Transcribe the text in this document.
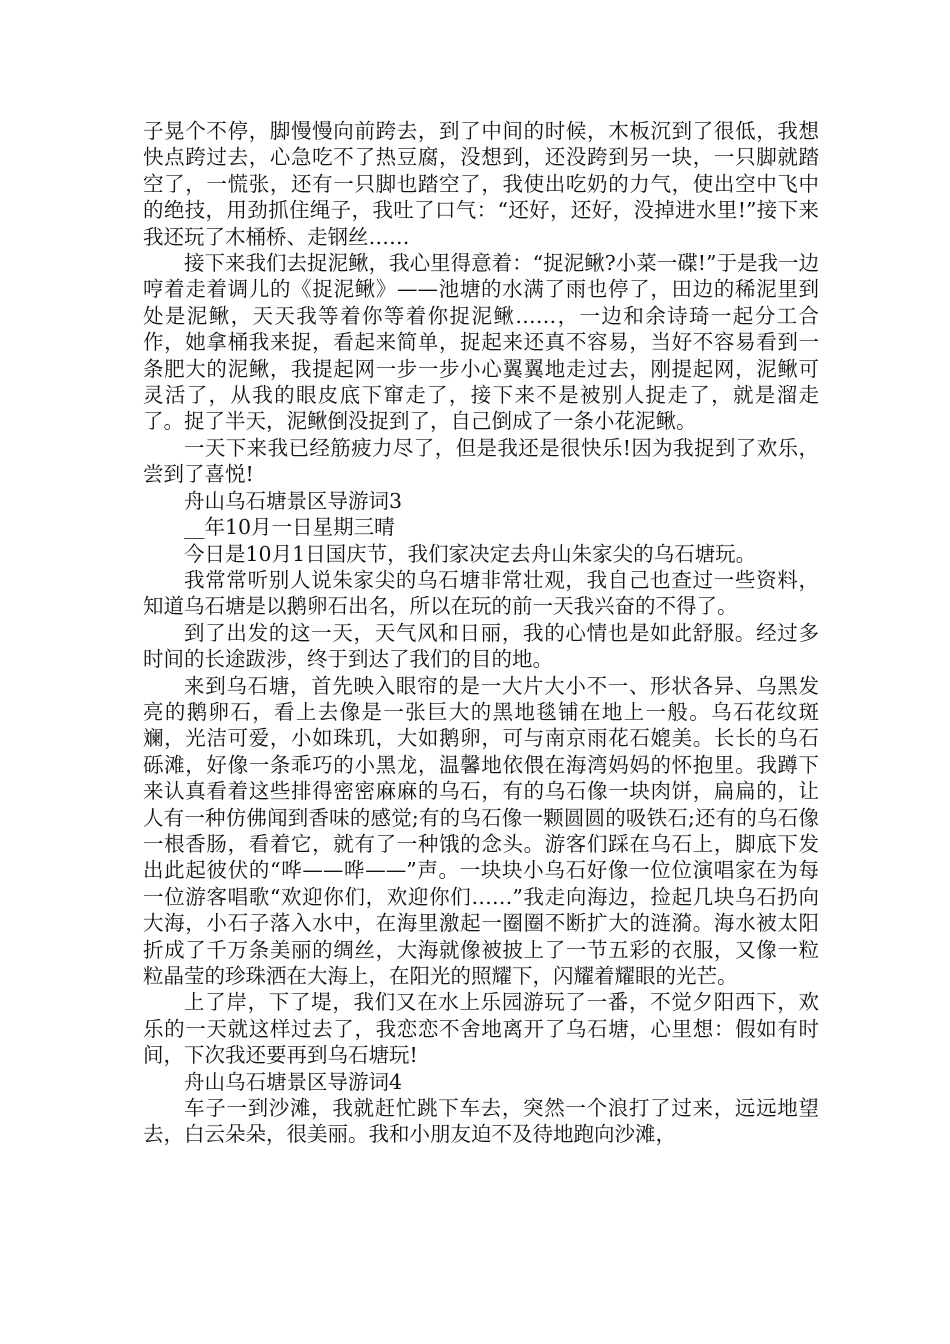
子晃个不停，脚慢慢向前跨去，到了中间的时候，木板沉到了很低，我想快点跨过去，心急吃不了热豆腐，没想到，还没跨到另一块，一只脚就踏空了，一慌张，还有一只脚也踏空了，我使出吃奶的力气，使出空中飞中的绝技，用劲抓住绳子，我吐了口气：“还好，还好，没掉进水里!”接下来我还玩了木桶桥、走钢丝……

接下来我们去捉泥鳅，我心里得意着：“捉泥鳅?小菜一碟!”于是我一边哼着走着调儿的《捉泥鳅》——池塘的水满了雨也停了，田边的稀泥里到处是泥鳅，天天我等着你等着你捉泥鳅……，一边和余诗琦一起分工合作，她拿桶我来捉，看起来简单，捉起来还真不容易，当好不容易看到一条肥大的泥鳅，我提起网一步一步小心翼翼地走过去，刚提起网，泥鳅可灵活了，从我的眼皮底下窜走了，接下来不是被别人捉走了，就是溜走了。捉了半天，泥鳅倒没捉到了，自己倒成了一条小花泥鳅。

一天下来我已经筋疲力尽了，但是我还是很快乐!因为我捉到了欢乐，尝到了喜悦!

舟山乌石塘景区导游词3

__年10月一日星期三晴

今日是10月1日国庆节，我们家决定去舟山朱家尖的乌石塘玩。

我常常听别人说朱家尖的乌石塘非常壮观，我自己也查过一些资料，知道乌石塘是以鹅卵石出名，所以在玩的前一天我兴奋的不得了。

到了出发的这一天，天气风和日丽，我的心情也是如此舒服。经过多时间的长途跋涉，终于到达了我们的目的地。

来到乌石塘，首先映入眼帘的是一大片大小不一、形状各异、乌黑发亮的鹅卵石，看上去像是一张巨大的黑地毯铺在地上一般。乌石花纹斑斓，光洁可爱，小如珠玑，大如鹅卵，可与南京雨花石媲美。长长的乌石砾滩，好像一条乖巧的小黑龙，温馨地依偎在海湾妈妈的怀抱里。我蹲下来认真看着这些排得密密麻麻的乌石，有的乌石像一块肉饼，扁扁的，让人有一种仿佛闻到香味的感觉;有的乌石像一颗圆圆的吸铁石;还有的乌石像一根香肠，看着它，就有了一种饿的念头。游客们踩在乌石上，脚底下发出此起彼伏的“哗——哗——”声。一块块小乌石好像一位位演唱家在为每一位游客唱歌“欢迎你们，欢迎你们……”我走向海边，捡起几块乌石扔向大海，小石子落入水中，在海里激起一圈圈不断扩大的涟漪。海水被太阳折成了千万条美丽的绸丝，大海就像被披上了一节五彩的衣服，又像一粒粒晶莹的珍珠洒在大海上，在阳光的照耀下，闪耀着耀眼的光芒。

上了岸，下了堤，我们又在水上乐园游玩了一番，不觉夕阳西下，欢乐的一天就这样过去了，我恋恋不舍地离开了乌石塘，心里想：假如有时间，下次我还要再到乌石塘玩!

舟山乌石塘景区导游词4

车子一到沙滩，我就赶忙跳下车去，突然一个浪打了过来，远远地望去，白云朵朵，很美丽。我和小朋友迫不及待地跑向沙滩，
